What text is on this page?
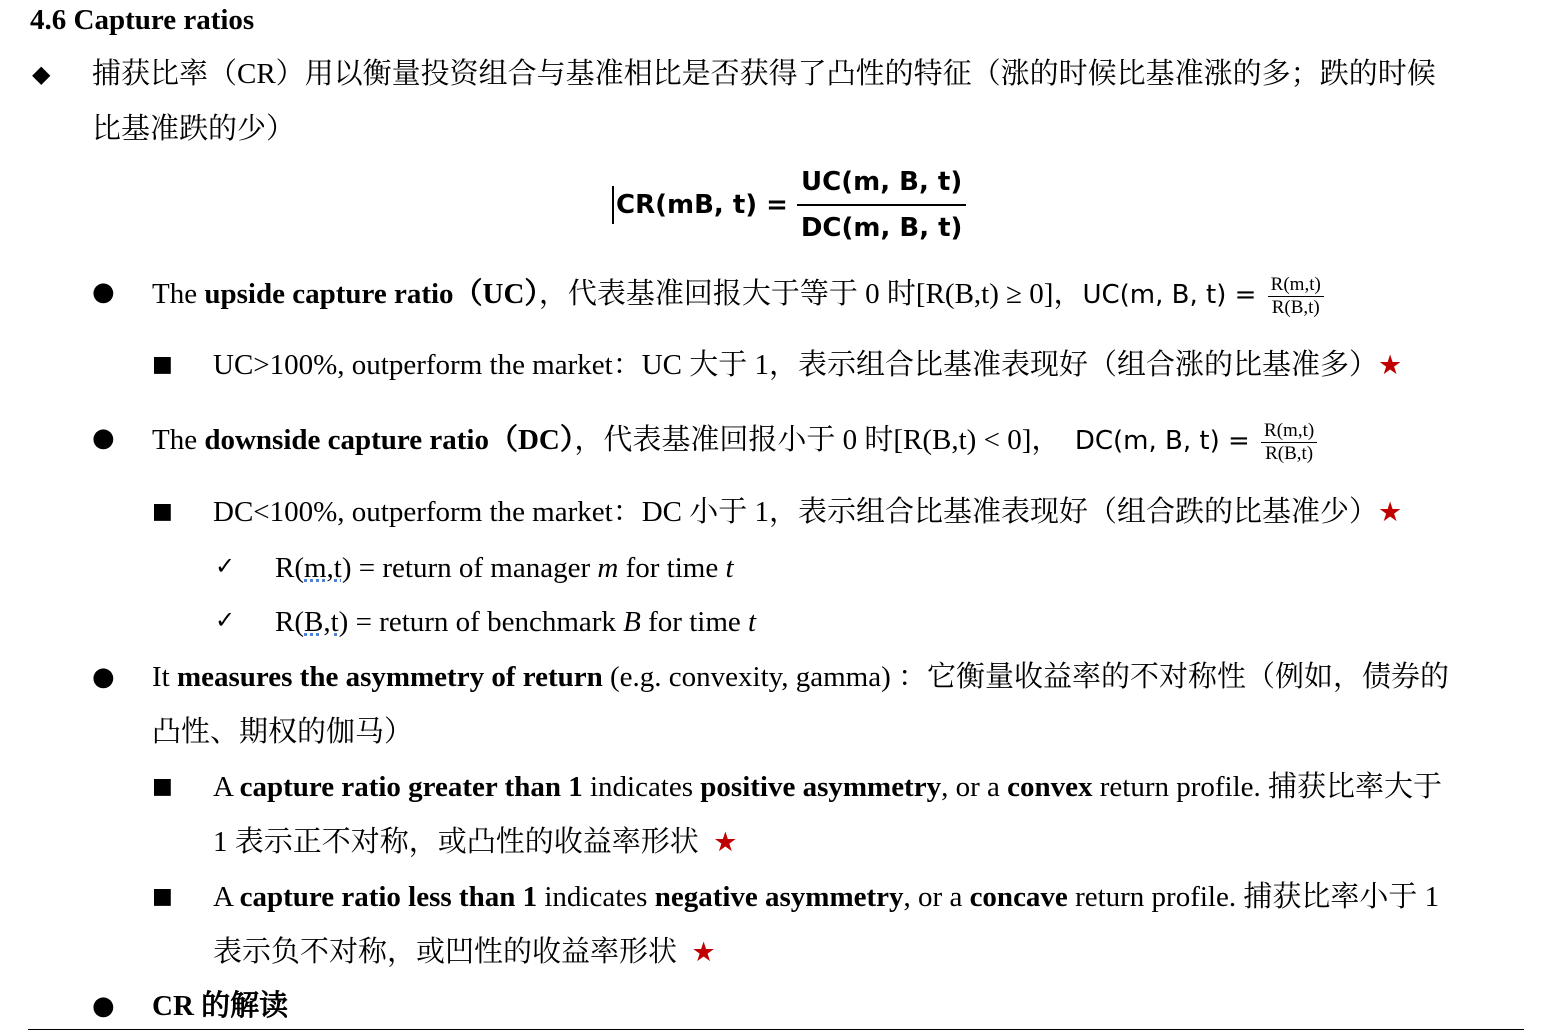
4.6 Capture ratios
◆ 捕获比率（CR）用以衡量投资组合与基准相比是否获得了凸性的特征（涨的时候比基准涨的多；跌的时候
比基准跌的少）
CR(mB, $t) = \frac{UC(m, B, t)}{DC(m, B, t)}$
● The upside capture ratio（UC），代表基准回报大于等于 0 时[R(B,t) ≥ 0]，UC(m, B, $t) = \frac{R(m,t)}{R(B,t)}$
■ UC>100%, outperform the market：UC 大于 1，表示组合比基准表现好（组合涨的比基准多）★
● The downside capture ratio（DC），代表基准回报小于 0 时[R(B,t) < 0]， DC(m, B, $t) = \frac{R(m,t)}{R(B,t)}$
■ DC<100%, outperform the market：DC 小于 1，表示组合比基准表现好（组合跌的比基准少）★
✓ R(m,t) = return of manager m for time t
✓ R(B,t) = return of benchmark B for time t
● It measures the asymmetry of return (e.g. convexity, gamma) ：它衡量收益率的不对称性（例如，债券的
凸性、期权的伽马）
■ A capture ratio greater than 1 indicates positive asymmetry, or a convex return profile. 捕获比率大于
1 表示正不对称，或凸性的收益率形状 ★
■ A capture ratio less than 1 indicates negative asymmetry, or a concave return profile. 捕获比率小于 1
表示负不对称，或凹性的收益率形状 ★
● CR 的解读
